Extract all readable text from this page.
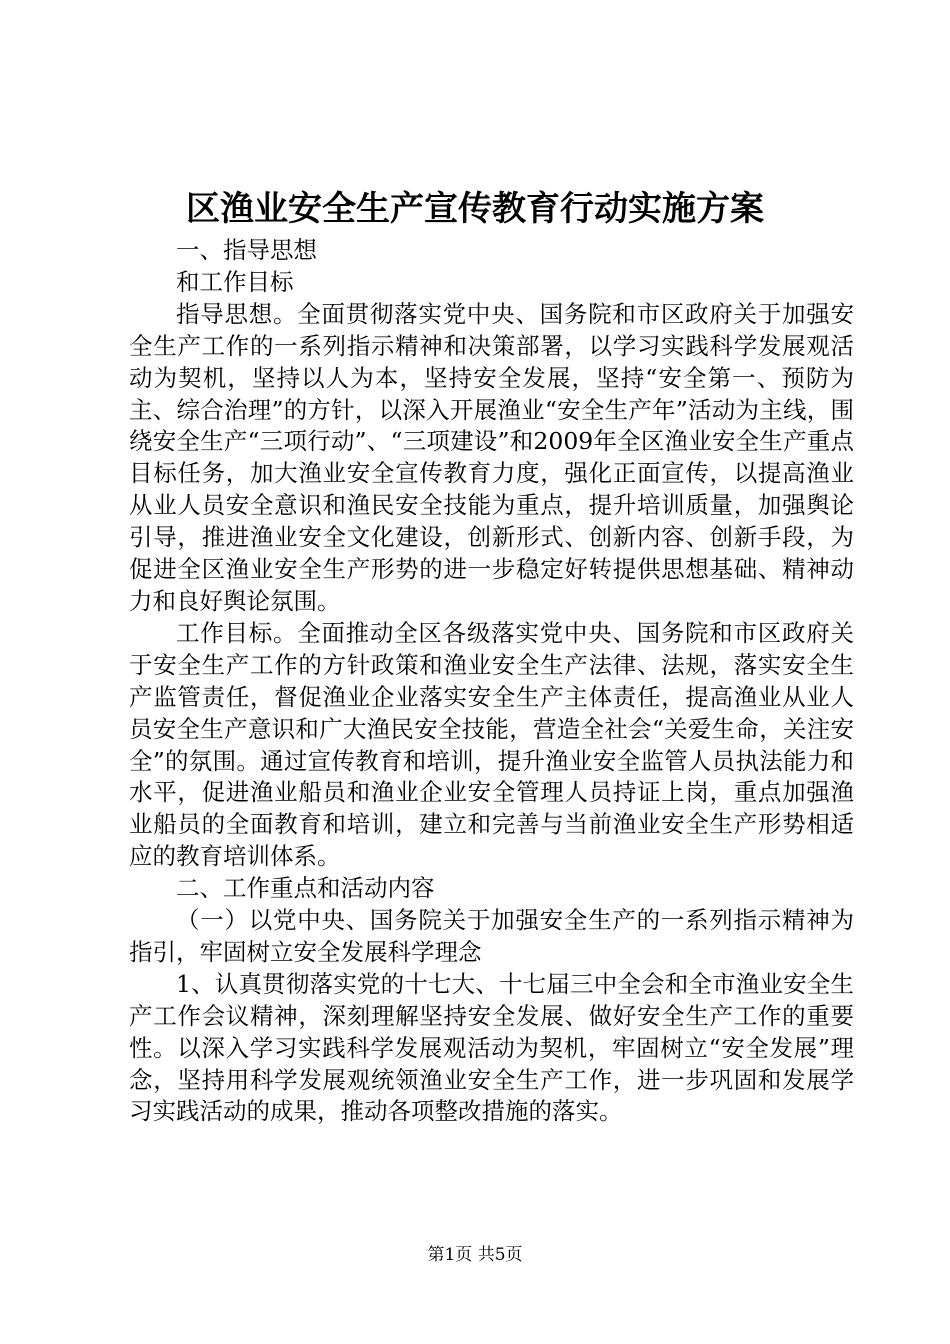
区渔业安全生产宣传教育行动实施方案

一、指导思想

和工作目标

指导思想。全面贯彻落实党中央、国务院和市区政府关于加强安全生产工作的一系列指示精神和决策部署，以学习实践科学发展观活动为契机，坚持以人为本，坚持安全发展，坚持“安全第一、预防为主、综合治理”的方针，以深入开展渔业“安全生产年”活动为主线，围绕安全生产“三项行动”、“三项建设”和2009年全区渔业安全生产重点目标任务，加大渔业安全宣传教育力度，强化正面宣传，以提高渔业从业人员安全意识和渔民安全技能为重点，提升培训质量，加强舆论引导，推进渔业安全文化建设，创新形式、创新内容、创新手段，为促进全区渔业安全生产形势的进一步稳定好转提供思想基础、精神动力和良好舆论氛围。

工作目标。全面推动全区各级落实党中央、国务院和市区政府关于安全生产工作的方针政策和渔业安全生产法律、法规，落实安全生产监管责任，督促渔业企业落实安全生产主体责任，提高渔业从业人员安全生产意识和广大渔民安全技能，营造全社会“关爱生命，关注安全”的氛围。通过宣传教育和培训，提升渔业安全监管人员执法能力和水平，促进渔业船员和渔业企业安全管理人员持证上岗，重点加强渔业船员的全面教育和培训，建立和完善与当前渔业安全生产形势相适应的教育培训体系。

二、工作重点和活动内容

（一）以党中央、国务院关于加强安全生产的一系列指示精神为指引，牢固树立安全发展科学理念

1、认真贯彻落实党的十七大、十七届三中全会和全市渔业安全生产工作会议精神，深刻理解坚持安全发展、做好安全生产工作的重要性。以深入学习实践科学发展观活动为契机，牢固树立“安全发展”理念，坚持用科学发展观统领渔业安全生产工作，进一步巩固和发展学习实践活动的成果，推动各项整改措施的落实。

第1页 共5页
